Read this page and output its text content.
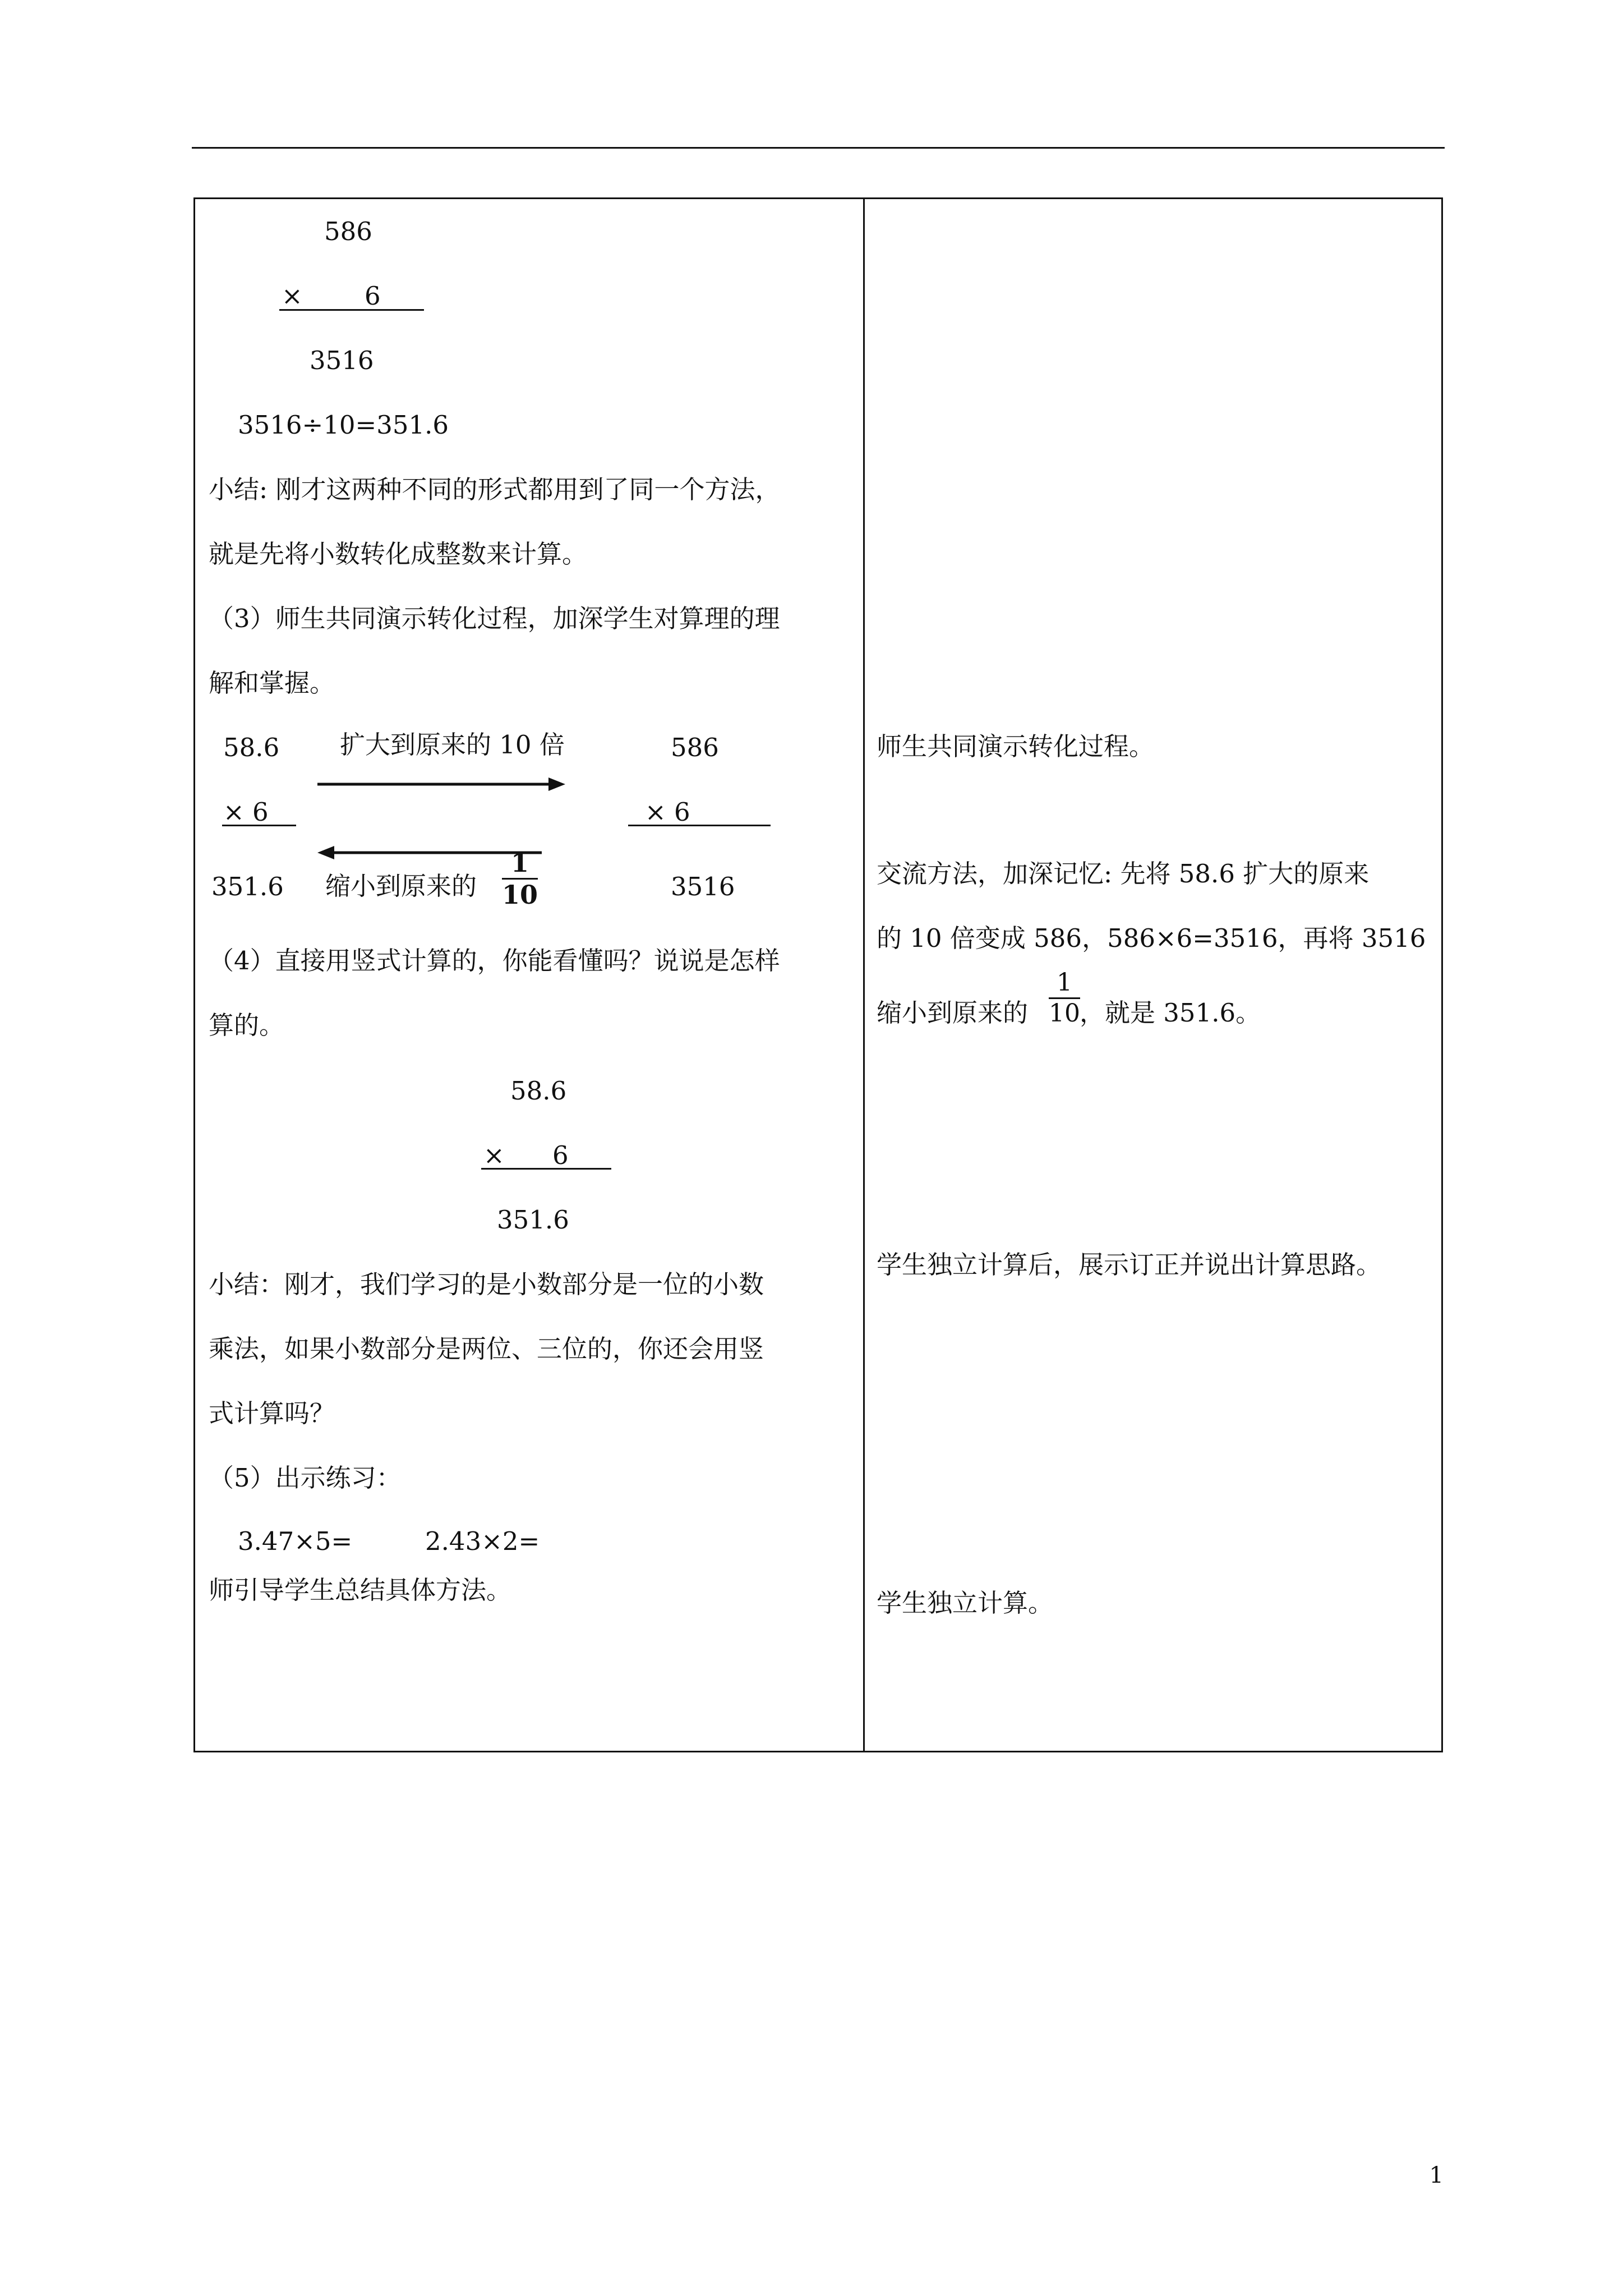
586
× 6
3516
3516÷10=351.6
小结: 刚才这两种不同的形式都用到了同一个方法，
就是先将小数转化成整数来计算。
（3）师生共同演示转化过程，加深学生对算理的理
解和掌握。
58.6
× 6
351.6
扩大到原来的 10 倍
缩小到原来的
1
10
586
× 6
3516
（4）直接用竖式计算的，你能看懂吗？说说是怎样
算的。
58.6
× 6
351.6
小结：刚才，我们学习的是小数部分是一位的小数
乘法，如果小数部分是两位、三位的，你还会用竖
式计算吗？
（5）出示练习：
3.47×5=	2.43×2=
师引导学生总结具体方法。
师生共同演示转化过程。
交流方法，加深记忆: 先将 58.6 扩大的原来
的 10 倍变成 586，586×6=3516，再将 3516
缩小到原来的
1
10 ，就是 351.6。
学生独立计算后，展示订正并说出计算思路。
学生独立计算。
1
